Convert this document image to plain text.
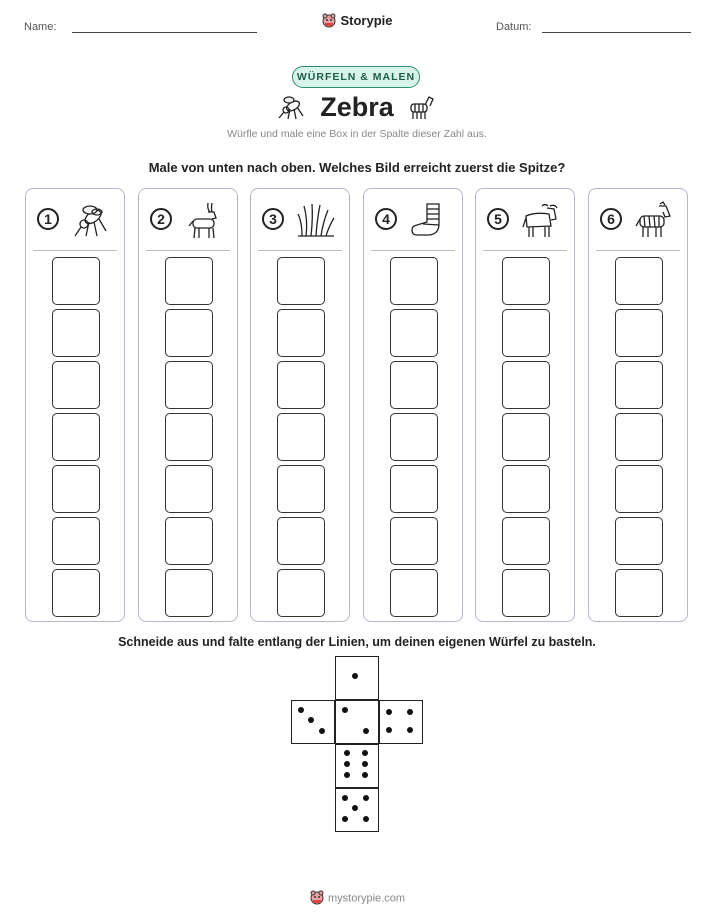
Name:	Storypie	Datum:
WÜRFELN & MALEN
Zebra
Würfle und male eine Box in der Spalte dieser Zahl aus.
Male von unten nach oben. Welches Bild erreicht zuerst die Spitze?
1	2	3	4	5	6
Schneide aus und falte entlang der Linien, um deinen eigenen Würfel zu basteln.
mystorypie.com
